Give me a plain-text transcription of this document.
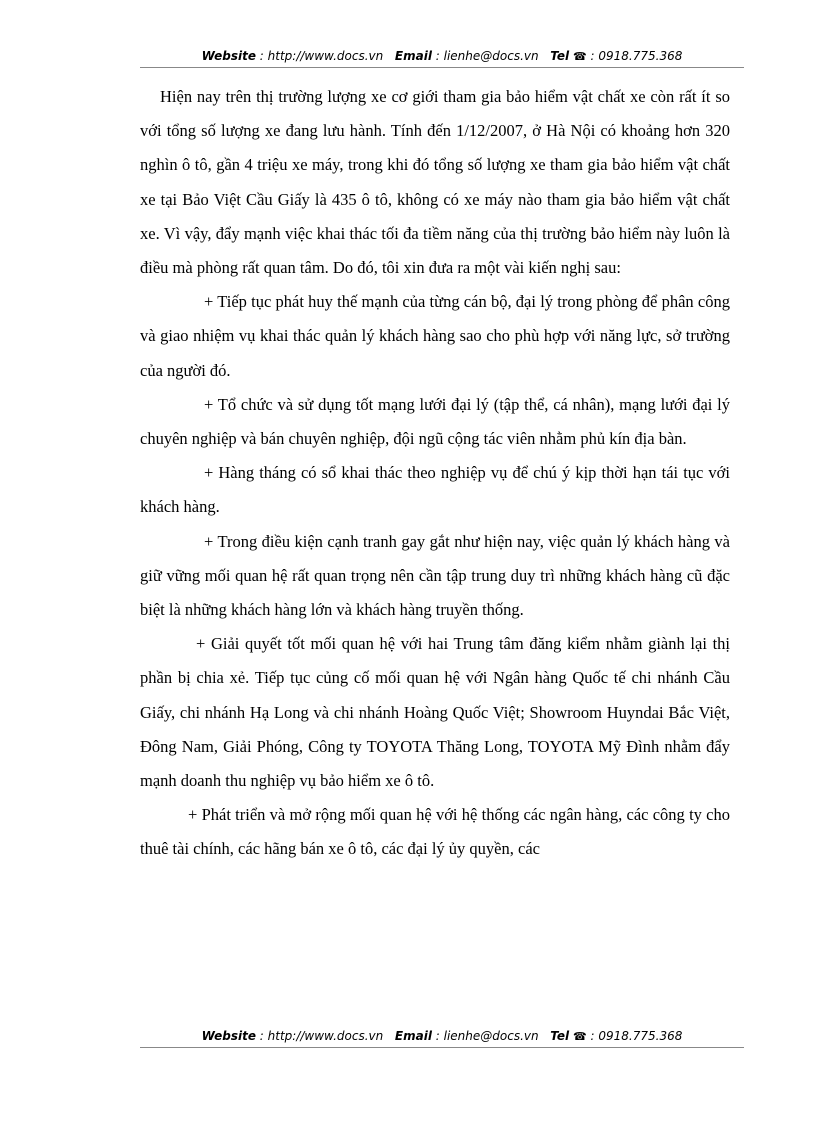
Website : http://www.docs.vn Email : lienhe@docs.vn Tel ☎ : 0918.775.368

Hiện nay trên thị trường lượng xe cơ giới tham gia bảo hiểm vật chất xe còn rất ít so với tổng số lượng xe đang lưu hành. Tính đến 1/12/2007, ở Hà Nội có khoảng hơn 320 nghìn ô tô, gần 4 triệu xe máy, trong khi đó tổng số lượng xe tham gia bảo hiểm vật chất xe tại Bảo Việt Cầu Giấy là 435 ô tô, không có xe máy nào tham gia bảo hiểm vật chất xe. Vì vậy, đẩy mạnh việc khai thác tối đa tiềm năng của thị trường bảo hiểm này luôn là điều mà phòng rất quan tâm. Do đó, tôi xin đưa ra một vài kiến nghị sau:

+ Tiếp tục phát huy thế mạnh của từng cán bộ, đại lý trong phòng để phân công và giao nhiệm vụ khai thác quản lý khách hàng sao cho phù hợp với năng lực, sở trường của người đó.

+ Tổ chức và sử dụng tốt mạng lưới đại lý (tập thể, cá nhân), mạng lưới đại lý chuyên nghiệp và bán chuyên nghiệp, đội ngũ cộng tác viên nhằm phủ kín địa bàn.

+ Hàng tháng có sổ khai thác theo nghiệp vụ để chú ý kịp thời hạn tái tục với khách hàng.

+ Trong điều kiện cạnh tranh gay gắt như hiện nay, việc quản lý khách hàng và giữ vững mối quan hệ rất quan trọng nên cần tập trung duy trì những khách hàng cũ đặc biệt là những khách hàng lớn và khách hàng truyền thống.

+ Giải quyết tốt mối quan hệ với hai Trung tâm đăng kiểm nhằm giành lại thị phần bị chia xẻ. Tiếp tục củng cố mối quan hệ với Ngân hàng Quốc tế chi nhánh Cầu Giấy, chi nhánh Hạ Long và chi nhánh Hoàng Quốc Việt; Showroom Huyndai Bắc Việt, Đông Nam, Giải Phóng, Công ty TOYOTA Thăng Long, TOYOTA Mỹ Đình nhằm đẩy mạnh doanh thu nghiệp vụ bảo hiểm xe ô tô.

+ Phát triển và mở rộng mối quan hệ với hệ thống các ngân hàng, các công ty cho thuê tài chính, các hãng bán xe ô tô, các đại lý ủy quyền, các

Website : http://www.docs.vn Email : lienhe@docs.vn Tel ☎ : 0918.775.368
